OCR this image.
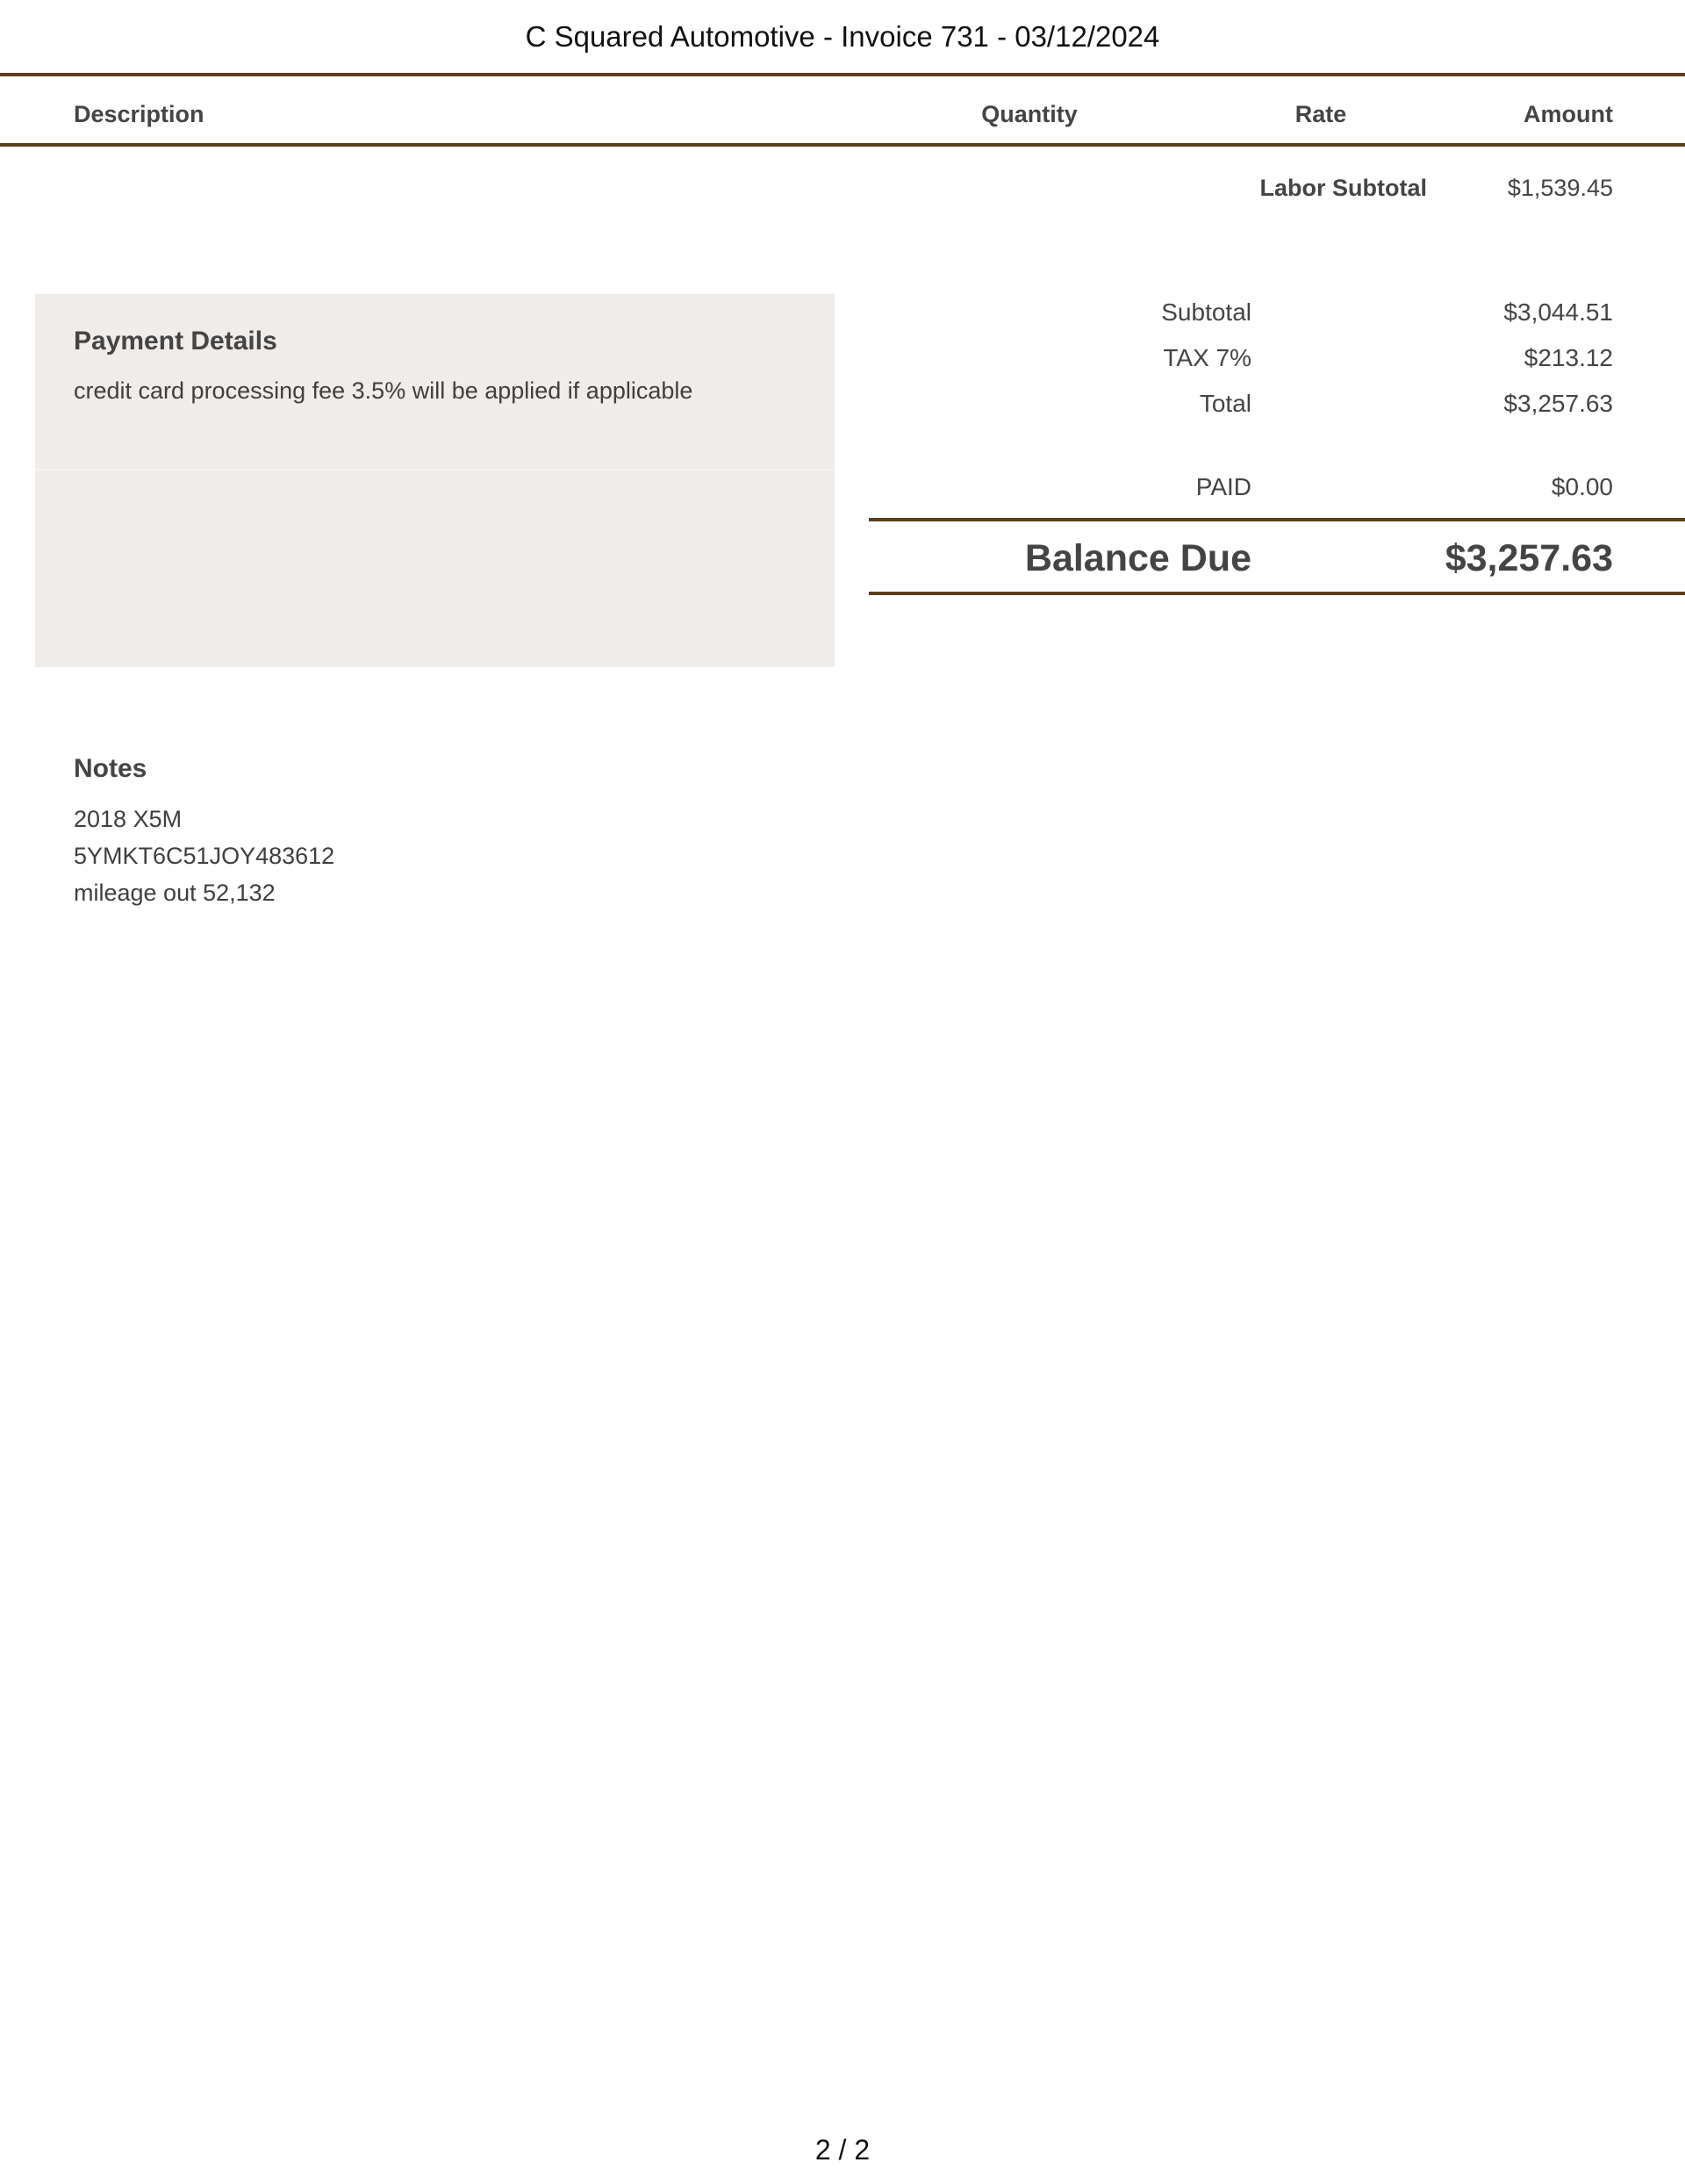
C Squared Automotive - Invoice 731 - 03/12/2024
Description	Quantity	Rate	Amount
Labor Subtotal	$1,539.45
Payment Details
credit card processing fee 3.5% will be applied if applicable
Subtotal	$3,044.51
TAX 7%	$213.12
Total	$3,257.63
PAID	$0.00
Balance Due	$3,257.63
Notes
2018 X5M
5YMKT6C51JOY483612
mileage out 52,132
2 / 2
